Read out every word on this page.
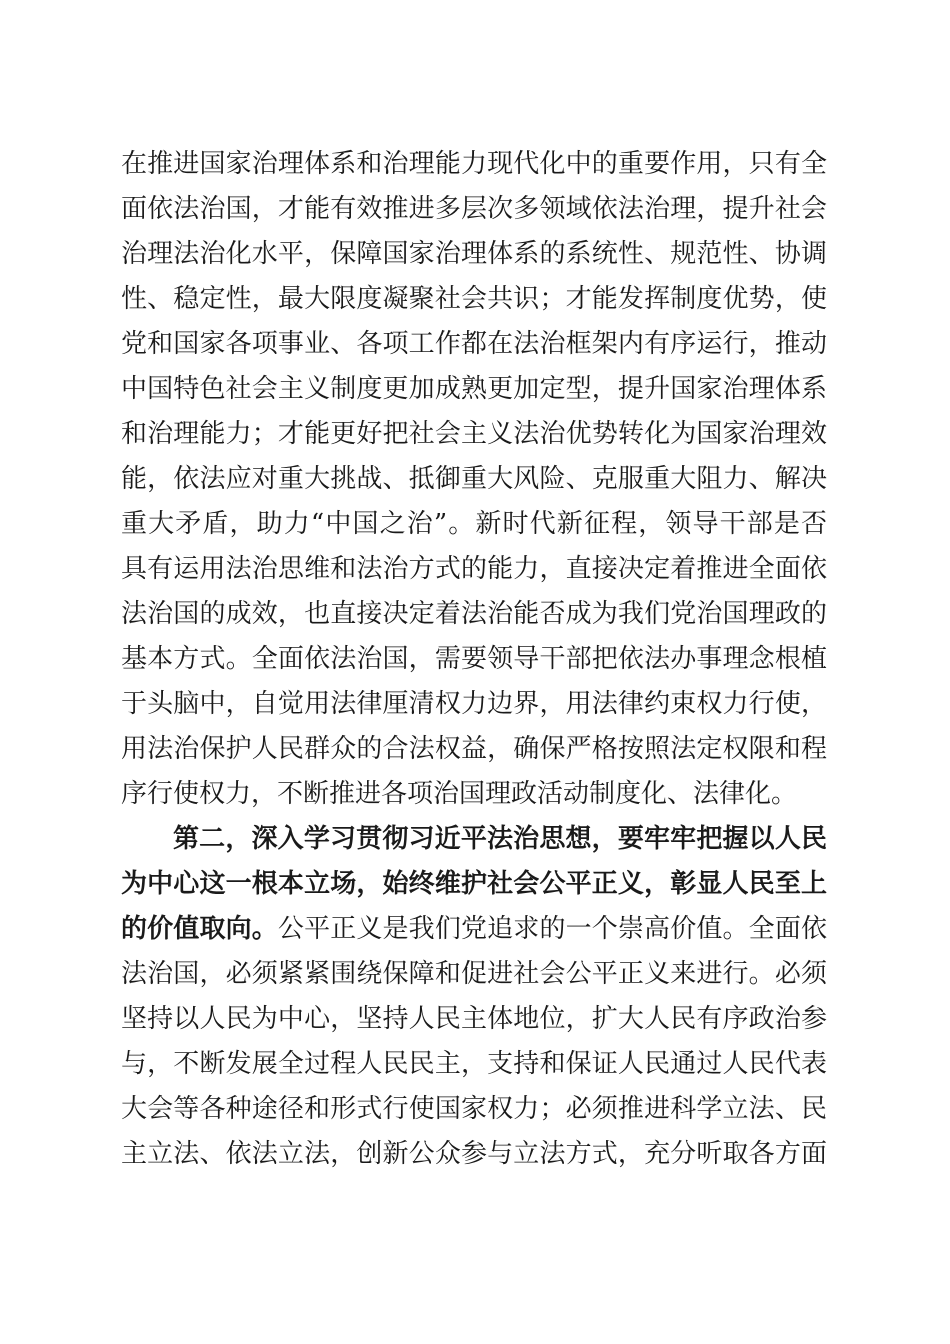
在推进国家治理体系和治理能力现代化中的重要作用，只有全
面依法治国，才能有效推进多层次多领域依法治理，提升社会
治理法治化水平，保障国家治理体系的系统性、规范性、协调
性、稳定性，最大限度凝聚社会共识；才能发挥制度优势，使
党和国家各项事业、各项工作都在法治框架内有序运行，推动
中国特色社会主义制度更加成熟更加定型，提升国家治理体系
和治理能力；才能更好把社会主义法治优势转化为国家治理效
能，依法应对重大挑战、抵御重大风险、克服重大阻力、解决
重大矛盾，助力“中国之治”。新时代新征程，领导干部是否
具有运用法治思维和法治方式的能力，直接决定着推进全面依
法治国的成效，也直接决定着法治能否成为我们党治国理政的
基本方式。全面依法治国，需要领导干部把依法办事理念根植
于头脑中，自觉用法律厘清权力边界，用法律约束权力行使，
用法治保护人民群众的合法权益，确保严格按照法定权限和程
序行使权力，不断推进各项治国理政活动制度化、法律化。
第二，深入学习贯彻习近平法治思想，要牢牢把握以人民
为中心这一根本立场，始终维护社会公平正义，彰显人民至上
的价值取向。公平正义是我们党追求的一个崇高价值。全面依
法治国，必须紧紧围绕保障和促进社会公平正义来进行。必须
坚持以人民为中心，坚持人民主体地位，扩大人民有序政治参
与，不断发展全过程人民民主，支持和保证人民通过人民代表
大会等各种途径和形式行使国家权力；必须推进科学立法、民
主立法、依法立法，创新公众参与立法方式，充分听取各方面
